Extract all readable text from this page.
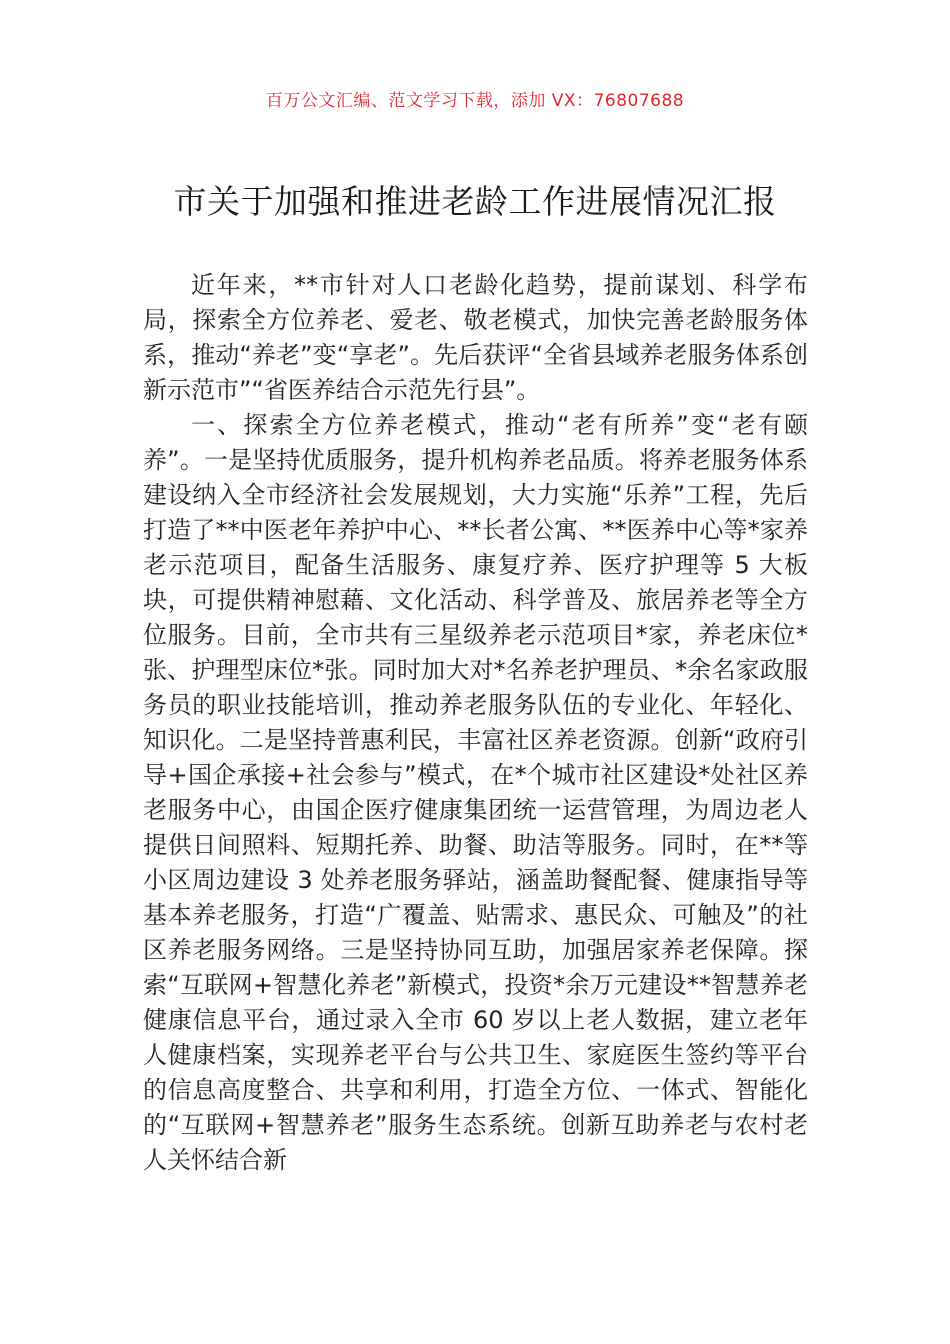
百万公文汇编、范文学习下载，添加 VX：76807688

市关于加强和推进老龄工作进展情况汇报

近年来，**市针对人口老龄化趋势，提前谋划、科学布局，探索全方位养老、爱老、敬老模式，加快完善老龄服务体系，推动“养老”变“享老”。先后获评“全省县域养老服务体系创新示范市”“省医养结合示范先行县”。

一、探索全方位养老模式，推动“老有所养”变“老有颐养”。一是坚持优质服务，提升机构养老品质。将养老服务体系建设纳入全市经济社会发展规划，大力实施“乐养”工程，先后打造了**中医老年养护中心、**长者公寓、**医养中心等*家养老示范项目，配备生活服务、康复疗养、医疗护理等 5 大板块，可提供精神慰藉、文化活动、科学普及、旅居养老等全方位服务。目前，全市共有三星级养老示范项目*家，养老床位*张、护理型床位*张。同时加大对*名养老护理员、*余名家政服务员的职业技能培训，推动养老服务队伍的专业化、年轻化、知识化。二是坚持普惠利民，丰富社区养老资源。创新“政府引导+国企承接+社会参与”模式，在*个城市社区建设*处社区养老服务中心，由国企医疗健康集团统一运营管理，为周边老人提供日间照料、短期托养、助餐、助洁等服务。同时，在**等小区周边建设 3 处养老服务驿站，涵盖助餐配餐、健康指导等基本养老服务，打造“广覆盖、贴需求、惠民众、可触及”的社区养老服务网络。三是坚持协同互助，加强居家养老保障。探索“互联网+智慧化养老”新模式，投资*余万元建设**智慧养老健康信息平台，通过录入全市 60 岁以上老人数据，建立老年人健康档案，实现养老平台与公共卫生、家庭医生签约等平台的信息高度整合、共享和利用，打造全方位、一体式、智能化的“互联网+智慧养老”服务生态系统。创新互助养老与农村老人关怀结合新
